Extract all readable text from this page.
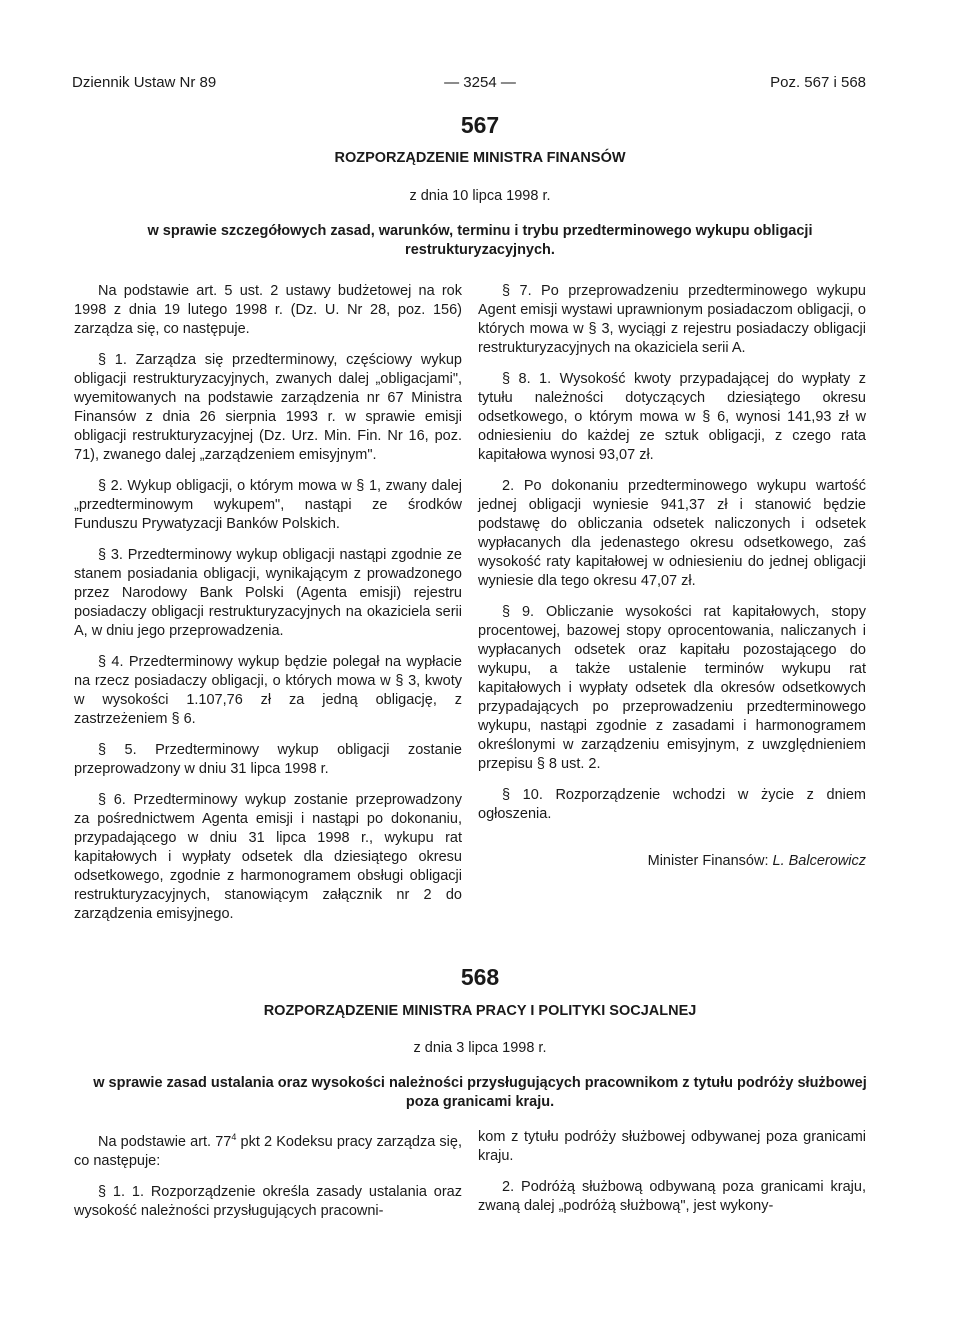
Dziennik Ustaw Nr 89	— 3254 —	Poz. 567 i 568
567
ROZPORZĄDZENIE MINISTRA FINANSÓW
z dnia 10 lipca 1998 r.
w sprawie szczegółowych zasad, warunków, terminu i trybu przedterminowego wykupu obligacji restrukturyzacyjnych.

Na podstawie art. 5 ust. 2 ustawy budżetowej na rok 1998 z dnia 19 lutego 1998 r. (Dz. U. Nr 28, poz. 156) zarządza się, co następuje.

§ 1. Zarządza się przedterminowy, częściowy wykup obligacji restrukturyzacyjnych, zwanych dalej „obligacjami", wyemitowanych na podstawie zarządzenia nr 67 Ministra Finansów z dnia 26 sierpnia 1993 r. w sprawie emisji obligacji restrukturyzacyjnej (Dz. Urz. Min. Fin. Nr 16, poz. 71), zwanego dalej „zarządzeniem emisyjnym".

§ 2. Wykup obligacji, o którym mowa w § 1, zwany dalej „przedterminowym wykupem", nastąpi ze środków Funduszu Prywatyzacji Banków Polskich.

§ 3. Przedterminowy wykup obligacji nastąpi zgodnie ze stanem posiadania obligacji, wynikającym z prowadzonego przez Narodowy Bank Polski (Agenta emisji) rejestru posiadaczy obligacji restrukturyzacyjnych na okaziciela serii A, w dniu jego przeprowadzenia.

§ 4. Przedterminowy wykup będzie polegał na wypłacie na rzecz posiadaczy obligacji, o których mowa w § 3, kwoty w wysokości 1.107,76 zł za jedną obligację, z zastrzeżeniem § 6.

§ 5. Przedterminowy wykup obligacji zostanie przeprowadzony w dniu 31 lipca 1998 r.

§ 6. Przedterminowy wykup zostanie przeprowadzony za pośrednictwem Agenta emisji i nastąpi po dokonaniu, przypadającego w dniu 31 lipca 1998 r., wykupu rat kapitałowych i wypłaty odsetek dla dziesiątego okresu odsetkowego, zgodnie z harmonogramem obsługi obligacji restrukturyzacyjnych, stanowiącym załącznik nr 2 do zarządzenia emisyjnego.

§ 7. Po przeprowadzeniu przedterminowego wykupu Agent emisji wystawi uprawnionym posiadaczom obligacji, o których mowa w § 3, wyciągi z rejestru posiadaczy obligacji restrukturyzacyjnych na okaziciela serii A.

§ 8. 1. Wysokość kwoty przypadającej do wypłaty z tytułu należności dotyczących dziesiątego okresu odsetkowego, o którym mowa w § 6, wynosi 141,93 zł w odniesieniu do każdej ze sztuk obligacji, z czego rata kapitałowa wynosi 93,07 zł.

2. Po dokonaniu przedterminowego wykupu wartość jednej obligacji wyniesie 941,37 zł i stanowić będzie podstawę do obliczania odsetek naliczonych i odsetek wypłacanych dla jedenastego okresu odsetkowego, zaś wysokość raty kapitałowej w odniesieniu do jednej obligacji wyniesie dla tego okresu 47,07 zł.

§ 9. Obliczanie wysokości rat kapitałowych, stopy procentowej, bazowej stopy oprocentowania, naliczanych i wypłacanych odsetek oraz kapitału pozostającego do wykupu, a także ustalenie terminów wykupu rat kapitałowych i wypłaty odsetek dla okresów odsetkowych przypadających po przeprowadzeniu przedterminowego wykupu, nastąpi zgodnie z zasadami i harmonogramem określonymi w zarządzeniu emisyjnym, z uwzględnieniem przepisu § 8 ust. 2.

§ 10. Rozporządzenie wchodzi w życie z dniem ogłoszenia.

Minister Finansów: L. Balcerowicz

568
ROZPORZĄDZENIE MINISTRA PRACY I POLITYKI SOCJALNEJ
z dnia 3 lipca 1998 r.
w sprawie zasad ustalania oraz wysokości należności przysługujących pracownikom z tytułu podróży służbowej poza granicami kraju.

Na podstawie art. $77^4$ pkt 2 Kodeksu pracy zarządza się, co następuje:

§ 1. 1. Rozporządzenie określa zasady ustalania oraz wysokość należności przysługujących pracowni-

kom z tytułu podróży służbowej odbywanej poza granicami kraju.

2. Podróżą służbową odbywaną poza granicami kraju, zwaną dalej „podróżą służbową", jest wykony-
